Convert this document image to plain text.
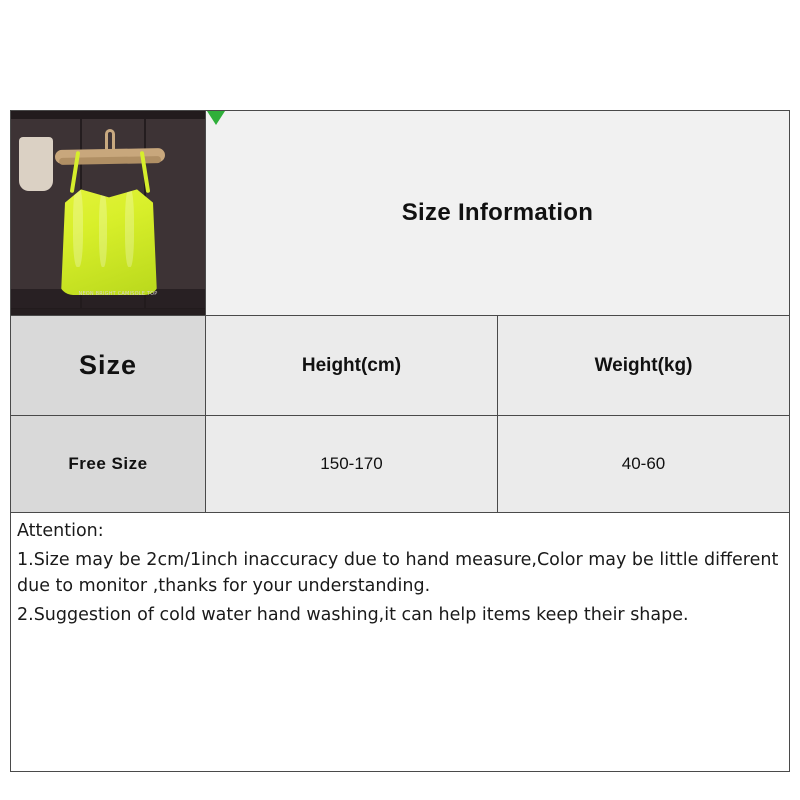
NEON BRIGHT CAMISOLE TOP
Size Information
Size	Height(cm)	Weight(kg)
Free Size	150-170	40-60

Attention:

1.Size may be 2cm/1inch inaccuracy due to hand measure,Color may be little different due to monitor ,thanks for your understanding.

2.Suggestion of cold water hand washing,it can help items keep their shape.
